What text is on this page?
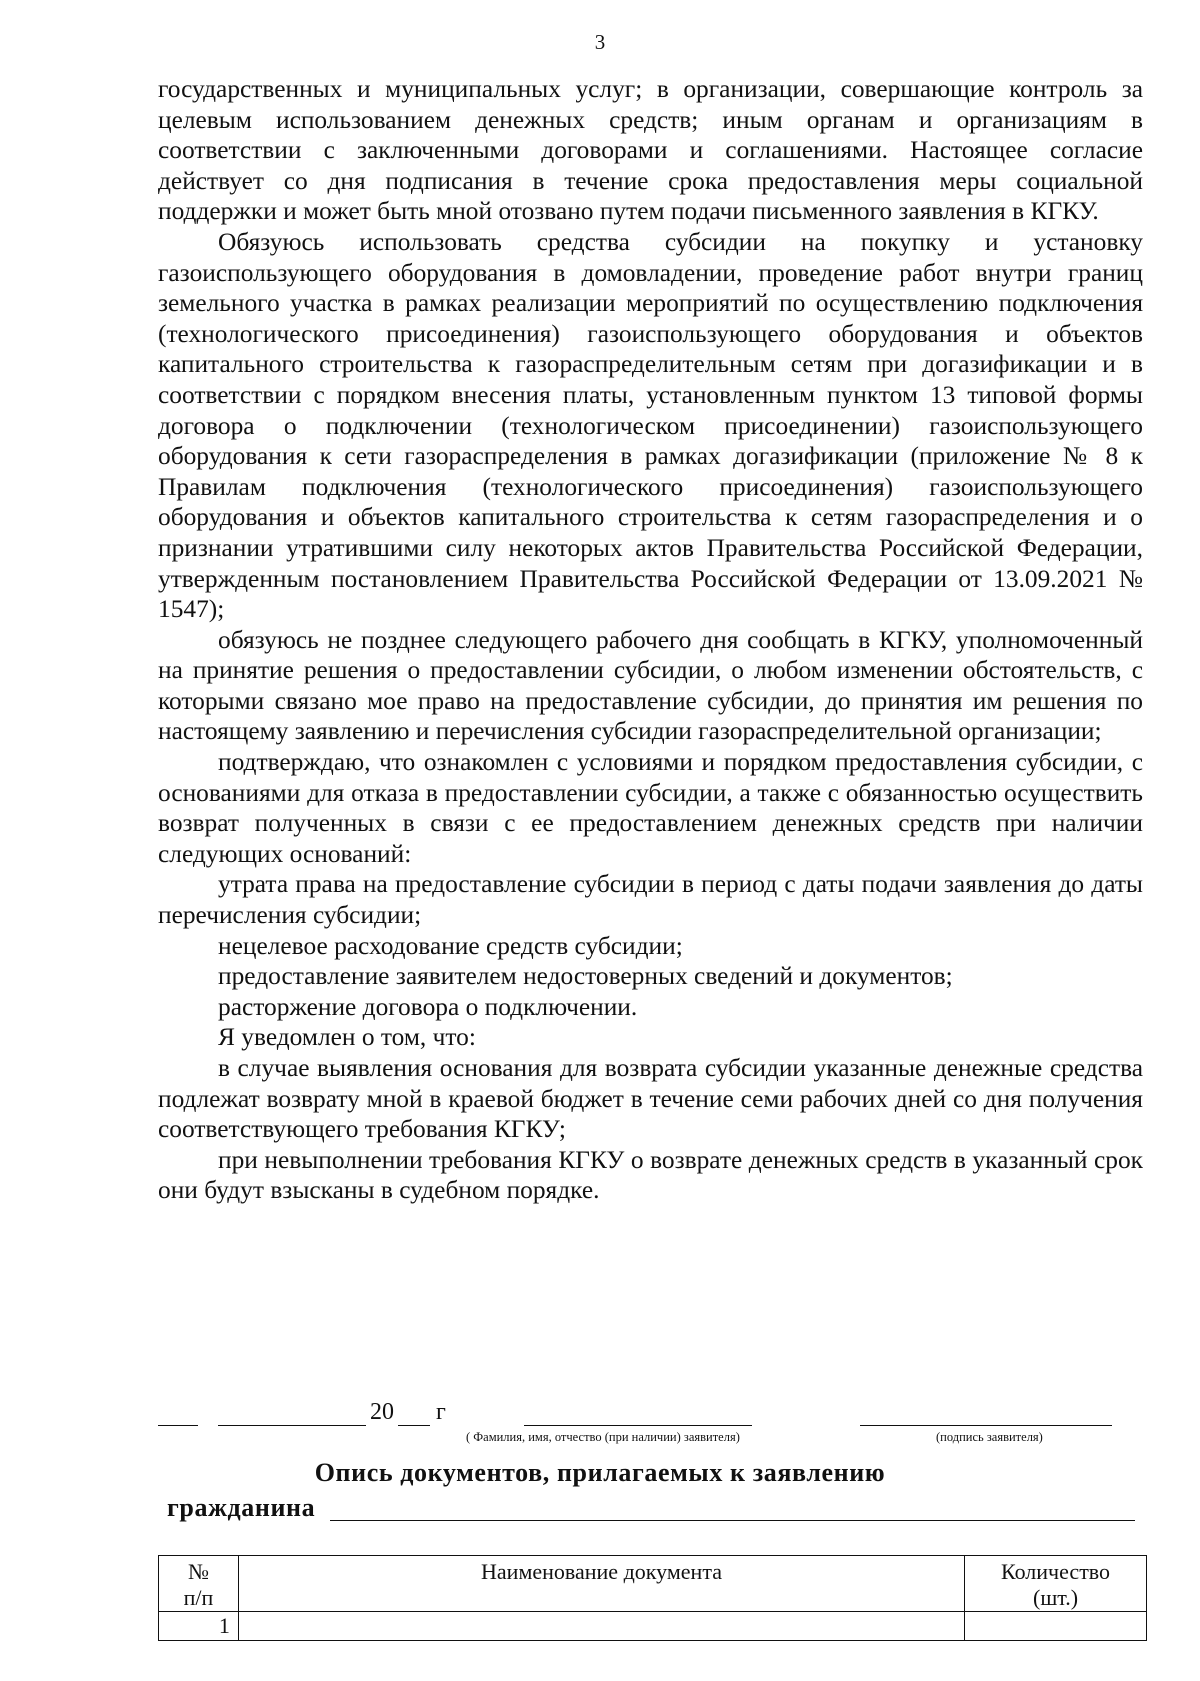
3

государственных и муниципальных услуг; в организации, совершающие контроль за целевым использованием денежных средств; иным органам и организациям в соответствии с заключенными договорами и соглашениями. Настоящее согласие действует со дня подписания в течение срока предоставления меры социальной поддержки и может быть мной отозвано путем подачи письменного заявления в КГКУ.

Обязуюсь использовать средства субсидии на покупку и установку газоиспользующего оборудования в домовладении, проведение работ внутри границ земельного участка в рамках реализации мероприятий по осуществлению подключения (технологического присоединения) газоиспользующего оборудования и объектов капитального строительства к газораспределительным сетям при догазификации и в соответствии с порядком внесения платы, установленным пунктом 13 типовой формы договора о подключении (технологическом присоединении) газоиспользующего оборудования к сети газораспределения в рамках догазификации (приложение № 8 к Правилам подключения (технологического присоединения) газоиспользующего оборудования и объектов капитального строительства к сетям газораспределения и о признании утратившими силу некоторых актов Правительства Российской Федерации, утвержденным постановлением Правительства Российской Федерации от 13.09.2021 № 1547);

обязуюсь не позднее следующего рабочего дня сообщать в КГКУ, уполномоченный на принятие решения о предоставлении субсидии, о любом изменении обстоятельств, с которыми связано мое право на предоставление субсидии, до принятия им решения по настоящему заявлению и перечисления субсидии газораспределительной организации;

подтверждаю, что ознакомлен с условиями и порядком предоставления субсидии, с основаниями для отказа в предоставлении субсидии, а также с обязанностью осуществить возврат полученных в связи с ее предоставлением денежных средств при наличии следующих оснований:

утрата права на предоставление субсидии в период с даты подачи заявления до даты перечисления субсидии;

нецелевое расходование средств субсидии;

предоставление заявителем недостоверных сведений и документов;

расторжение договора о подключении.

Я уведомлен о том, что:

в случае выявления основания для возврата субсидии указанные денежные средства подлежат возврату мной в краевой бюджет в течение семи рабочих дней со дня получения соответствующего требования КГКУ;

при невыполнении требования КГКУ о возврате денежных средств в указанный срок они будут взысканы в судебном порядке.

20 г
( Фамилия, имя, отчество (при наличии) заявителя)	(подпись заявителя)
Опись документов, прилагаемых к заявлению
гражданина
№
п/п	Наименование документа	Количество
(шт.)
1		
